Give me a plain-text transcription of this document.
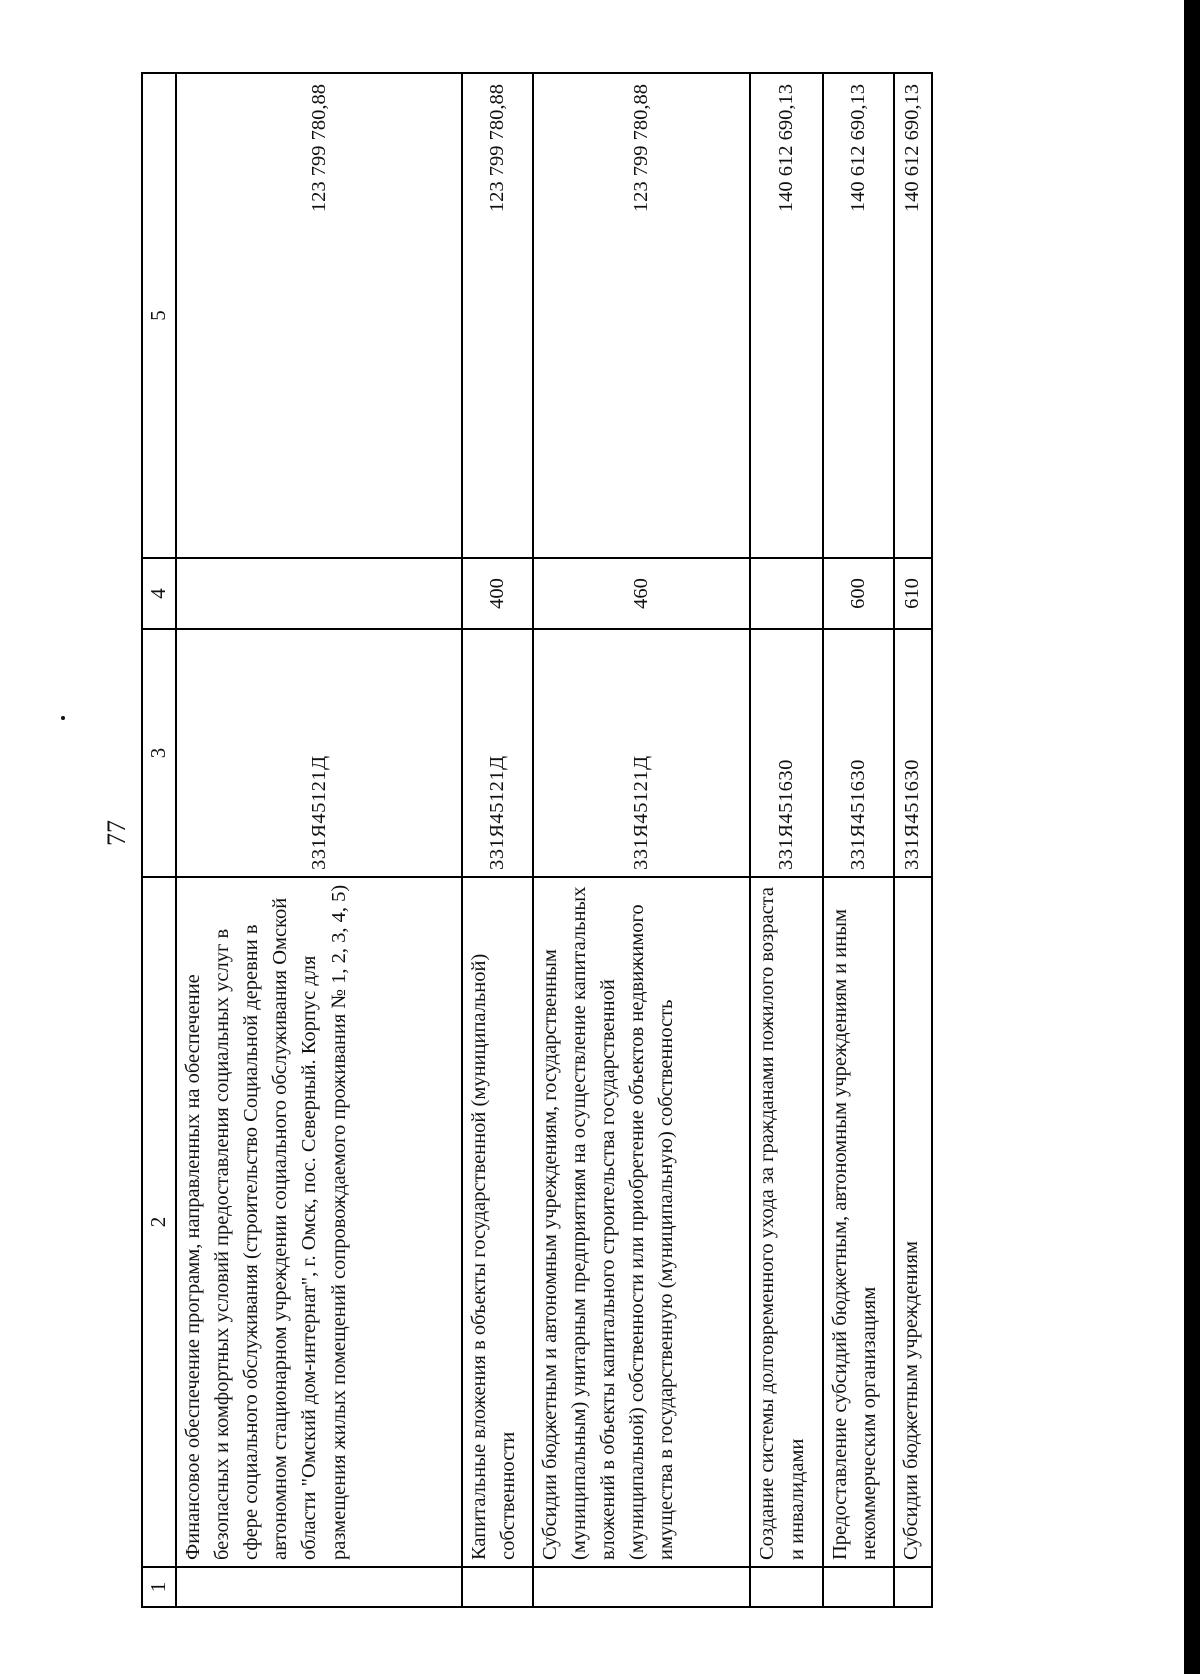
77
1	2	3	4	5
	Финансовое обеспечение программ, направленных на обеспечение безопасных и комфортных условий предоставления социальных услуг в сфере социального обслуживания (строительство Социальной деревни в автономном стационарном учреждении социального обслуживания Омской области "Омский дом-интернат", г. Омск, пос. Северный. Корпус для размещения жилых помещений сопровождаемого проживания № 1, 2, 3, 4, 5)	331Я45121Д		123 799 780,88
	Капитальные вложения в объекты государственной (муниципальной) собственности	331Я45121Д	400	123 799 780,88
	Субсидии бюджетным и автономным учреждениям, государственным (муниципальным) унитарным предприятиям на осуществление капитальных вложений в объекты капитального строительства государственной (муниципальной) собственности или приобретение объектов недвижимого имущества в государственную (муниципальную) собственность	331Я45121Д	460	123 799 780,88
	Создание системы долговременного ухода за гражданами пожилого возраста и инвалидами	331Я451630		140 612 690,13
	Предоставление субсидий бюджетным, автономным учреждениям и иным некоммерческим организациям	331Я451630	600	140 612 690,13
	Субсидии бюджетным учреждениям	331Я451630	610	140 612 690,13
